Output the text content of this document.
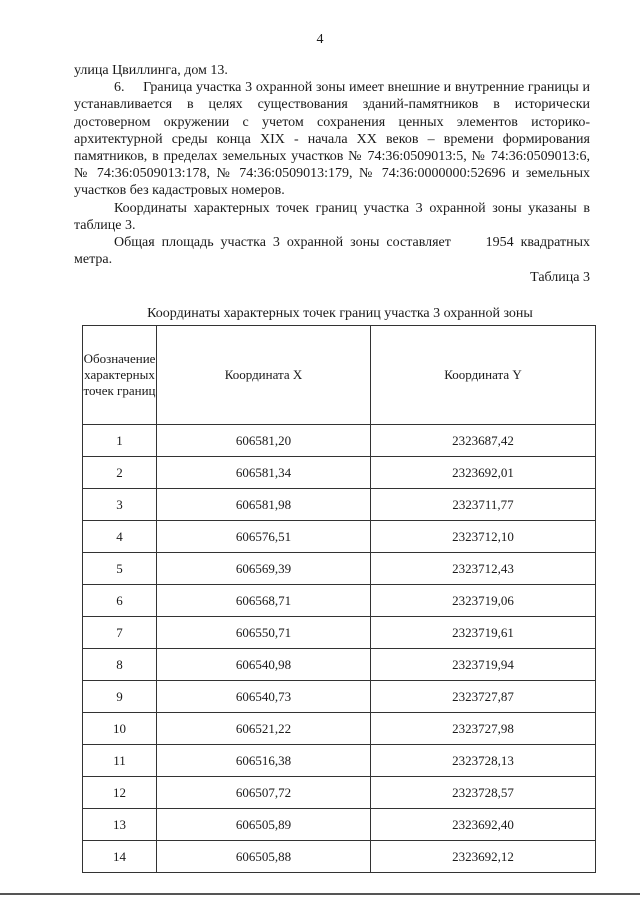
4

улица Цвиллинга, дом 13.

6.     Граница участка 3 охранной зоны имеет внешние и внутренние границы и устанавливается в целях существования зданий-памятников в исторически достоверном окружении с учетом сохранения ценных элементов историко-архитектурной среды конца XIX - начала XX веков – времени формирования памятников, в пределах земельных участков № 74:36:0509013:5, № 74:36:0509013:6, № 74:36:0509013:178, № 74:36:0509013:179, № 74:36:0000000:52696 и земельных участков без кадастровых номеров.

Координаты характерных точек границ участка 3 охранной зоны указаны в таблице 3.

Общая площадь участка 3 охранной зоны составляет     1954 квадратных метра.

Таблица 3
Координаты характерных точек границ участка 3 охранной зоны
Обозначение характерных точек границ	Координата X	Координата Y
1	606581,20	2323687,42
2	606581,34	2323692,01
3	606581,98	2323711,77
4	606576,51	2323712,10
5	606569,39	2323712,43
6	606568,71	2323719,06
7	606550,71	2323719,61
8	606540,98	2323719,94
9	606540,73	2323727,87
10	606521,22	2323727,98
11	606516,38	2323728,13
12	606507,72	2323728,57
13	606505,89	2323692,40
14	606505,88	2323692,12
